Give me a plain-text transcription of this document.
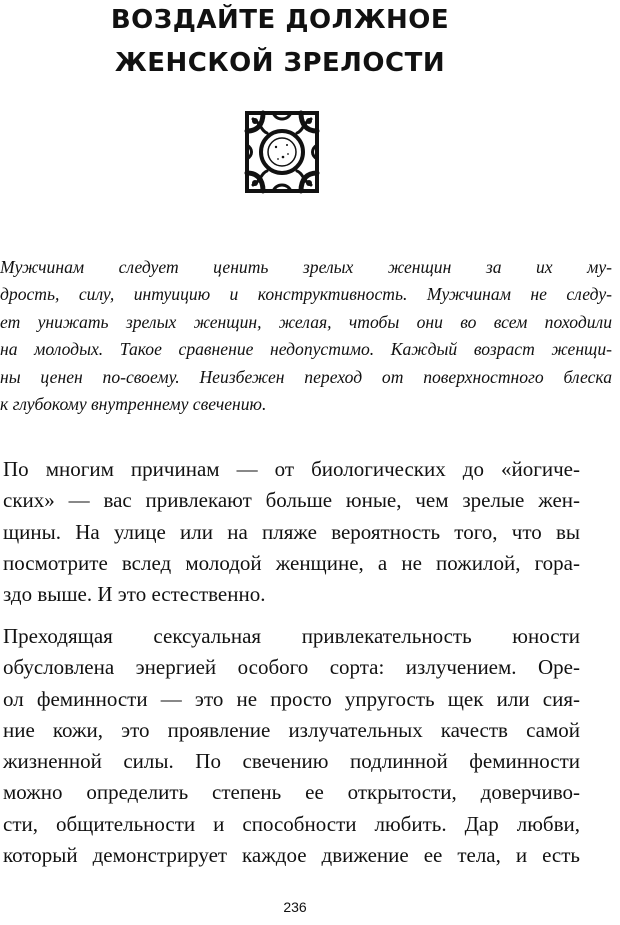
ВОЗДАЙТЕ ДОЛЖНОЕ
ЖЕНСКОЙ ЗРЕЛОСТИ
Мужчинам следует ценить зрелых женщин за их му-
дрость, силу, интуицию и конструктивность. Мужчинам не следу-
ет унижать зрелых женщин, желая, чтобы они во всем походили
на молодых. Такое сравнение недопустимо. Каждый возраст женщи-
ны ценен по-своему. Неизбежен переход от поверхностного блеска
к глубокому внутреннему свечению.
По многим причинам — от биологических до «йогиче-
ских» — вас привлекают больше юные, чем зрелые жен-
щины. На улице или на пляже вероятность того, что вы
посмотрите вслед молодой женщине, а не пожилой, гора-
здо выше. И это естественно.
Преходящая сексуальная привлекательность юности
обусловлена энергией особого сорта: излучением. Оре-
ол феминности — это не просто упругость щек или сия-
ние кожи, это проявление излучательных качеств самой
жизненной силы. По свечению подлинной феминности
можно определить степень ее открытости, доверчиво-
сти, общительности и способности любить. Дар любви,
который демонстрирует каждое движение ее тела, и есть
236
